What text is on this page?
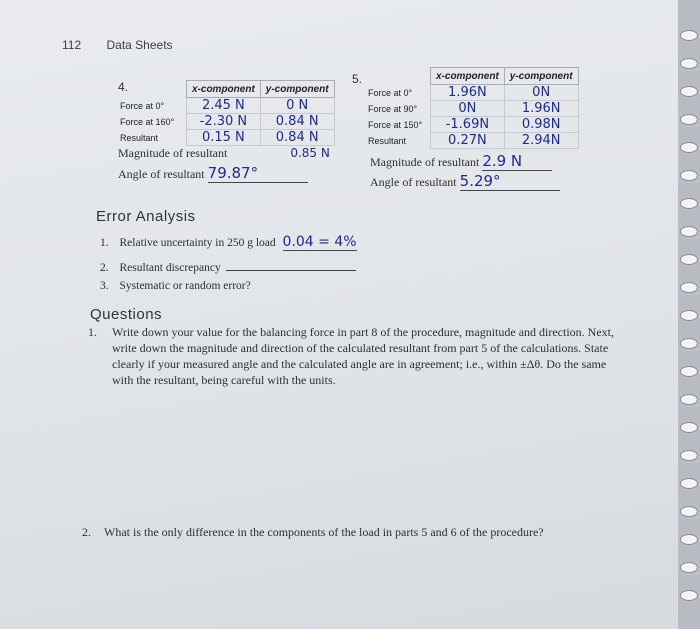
112 Data Sheets
4.
		x-component	y-component
Force at 0°	2.45 N	0 N
Force at 160°	-2.30 N	0.84 N
Resultant	0.15 N	0.84 N
Magnitude of resultant	0.85 N
Angle of resultant 79.87°
5.
		x-component	y-component
Force at 0°	1.96N	0N
Force at 90°	0N	1.96N
Force at 150°	-1.69N	0.98N
Resultant	0.27N	2.94N
Magnitude of resultant 2.9 N
Angle of resultant 5.29°
Error Analysis
1. Relative uncertainty in 250 g load 0.04 = 4%
2. Resultant discrepancy
3. Systematic or random error?
Questions
1. Write down your value for the balancing force in part 8 of the procedure, magnitude and direction. Next, write down the magnitude and direction of the calculated resultant from part 5 of the calculations. State clearly if your measured angle and the calculated angle are in agreement; i.e., within ±Δθ. Do the same with the resultant, being careful with the units.
2. What is the only difference in the components of the load in parts 5 and 6 of the procedure?
